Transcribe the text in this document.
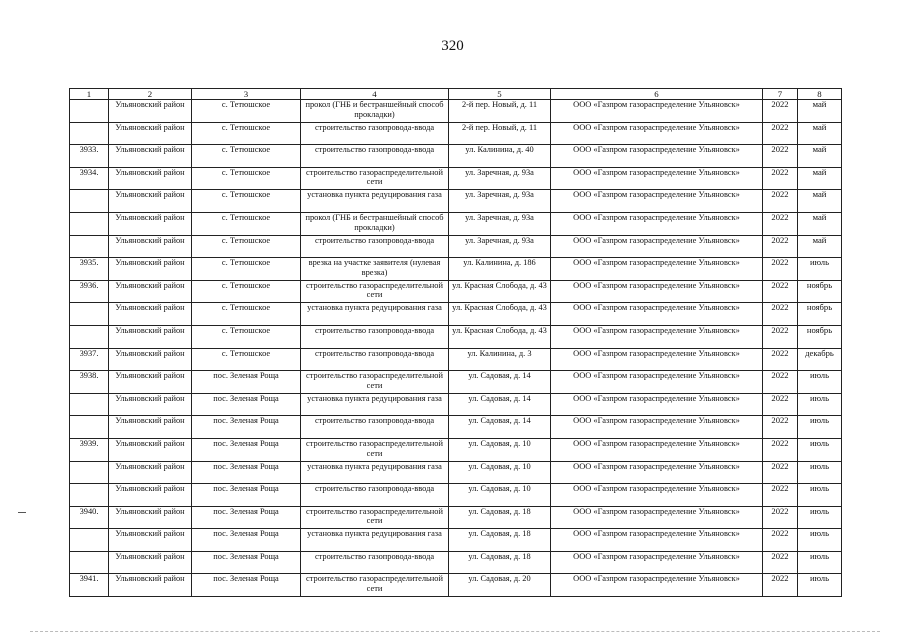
320
1	2	3	4	5	6	7	8
	Ульяновский район	с. Тетюшское	прокол (ГНБ и бестраншейный способ прокладки)	2-й пер. Новый, д. 11	ООО «Газпром газораспределение Ульяновск»	2022	май
	Ульяновский район	с. Тетюшское	строительство газопровода-ввода	2-й пер. Новый, д. 11	ООО «Газпром газораспределение Ульяновск»	2022	май
3933.	Ульяновский район	с. Тетюшское	строительство газопровода-ввода	ул. Калинина, д. 40	ООО «Газпром газораспределение Ульяновск»	2022	май
3934.	Ульяновский район	с. Тетюшское	строительство газораспределительной сети	ул. Заречная, д. 93а	ООО «Газпром газораспределение Ульяновск»	2022	май
	Ульяновский район	с. Тетюшское	установка пункта редуцирования газа	ул. Заречная, д. 93а	ООО «Газпром газораспределение Ульяновск»	2022	май
	Ульяновский район	с. Тетюшское	прокол (ГНБ и бестраншейный способ прокладки)	ул. Заречная, д. 93а	ООО «Газпром газораспределение Ульяновск»	2022	май
	Ульяновский район	с. Тетюшское	строительство газопровода-ввода	ул. Заречная, д. 93а	ООО «Газпром газораспределение Ульяновск»	2022	май
3935.	Ульяновский район	с. Тетюшское	врезка на участке заявителя (нулевая врезка)	ул. Калинина, д. 186	ООО «Газпром газораспределение Ульяновск»	2022	июль
3936.	Ульяновский район	с. Тетюшское	строительство газораспределительной сети	ул. Красная Слобода, д. 43	ООО «Газпром газораспределение Ульяновск»	2022	ноябрь
	Ульяновский район	с. Тетюшское	установка пункта редуцирования газа	ул. Красная Слобода, д. 43	ООО «Газпром газораспределение Ульяновск»	2022	ноябрь
	Ульяновский район	с. Тетюшское	строительство газопровода-ввода	ул. Красная Слобода, д. 43	ООО «Газпром газораспределение Ульяновск»	2022	ноябрь
3937.	Ульяновский район	с. Тетюшское	строительство газопровода-ввода	ул. Калинина, д. 3	ООО «Газпром газораспределение Ульяновск»	2022	декабрь
3938.	Ульяновский район	пос. Зеленая Роща	строительство газораспределительной сети	ул. Садовая, д. 14	ООО «Газпром газораспределение Ульяновск»	2022	июль
	Ульяновский район	пос. Зеленая Роща	установка пункта редуцирования газа	ул. Садовая, д. 14	ООО «Газпром газораспределение Ульяновск»	2022	июль
	Ульяновский район	пос. Зеленая Роща	строительство газопровода-ввода	ул. Садовая, д. 14	ООО «Газпром газораспределение Ульяновск»	2022	июль
3939.	Ульяновский район	пос. Зеленая Роща	строительство газораспределительной сети	ул. Садовая, д. 10	ООО «Газпром газораспределение Ульяновск»	2022	июль
	Ульяновский район	пос. Зеленая Роща	установка пункта редуцирования газа	ул. Садовая, д. 10	ООО «Газпром газораспределение Ульяновск»	2022	июль
	Ульяновский район	пос. Зеленая Роща	строительство газопровода-ввода	ул. Садовая, д. 10	ООО «Газпром газораспределение Ульяновск»	2022	июль
3940.	Ульяновский район	пос. Зеленая Роща	строительство газораспределительной сети	ул. Садовая, д. 18	ООО «Газпром газораспределение Ульяновск»	2022	июль
	Ульяновский район	пос. Зеленая Роща	установка пункта редуцирования газа	ул. Садовая, д. 18	ООО «Газпром газораспределение Ульяновск»	2022	июль
	Ульяновский район	пос. Зеленая Роща	строительство газопровода-ввода	ул. Садовая, д. 18	ООО «Газпром газораспределение Ульяновск»	2022	июль
3941.	Ульяновский район	пос. Зеленая Роща	строительство газораспределительной сети	ул. Садовая, д. 20	ООО «Газпром газораспределение Ульяновск»	2022	июль
